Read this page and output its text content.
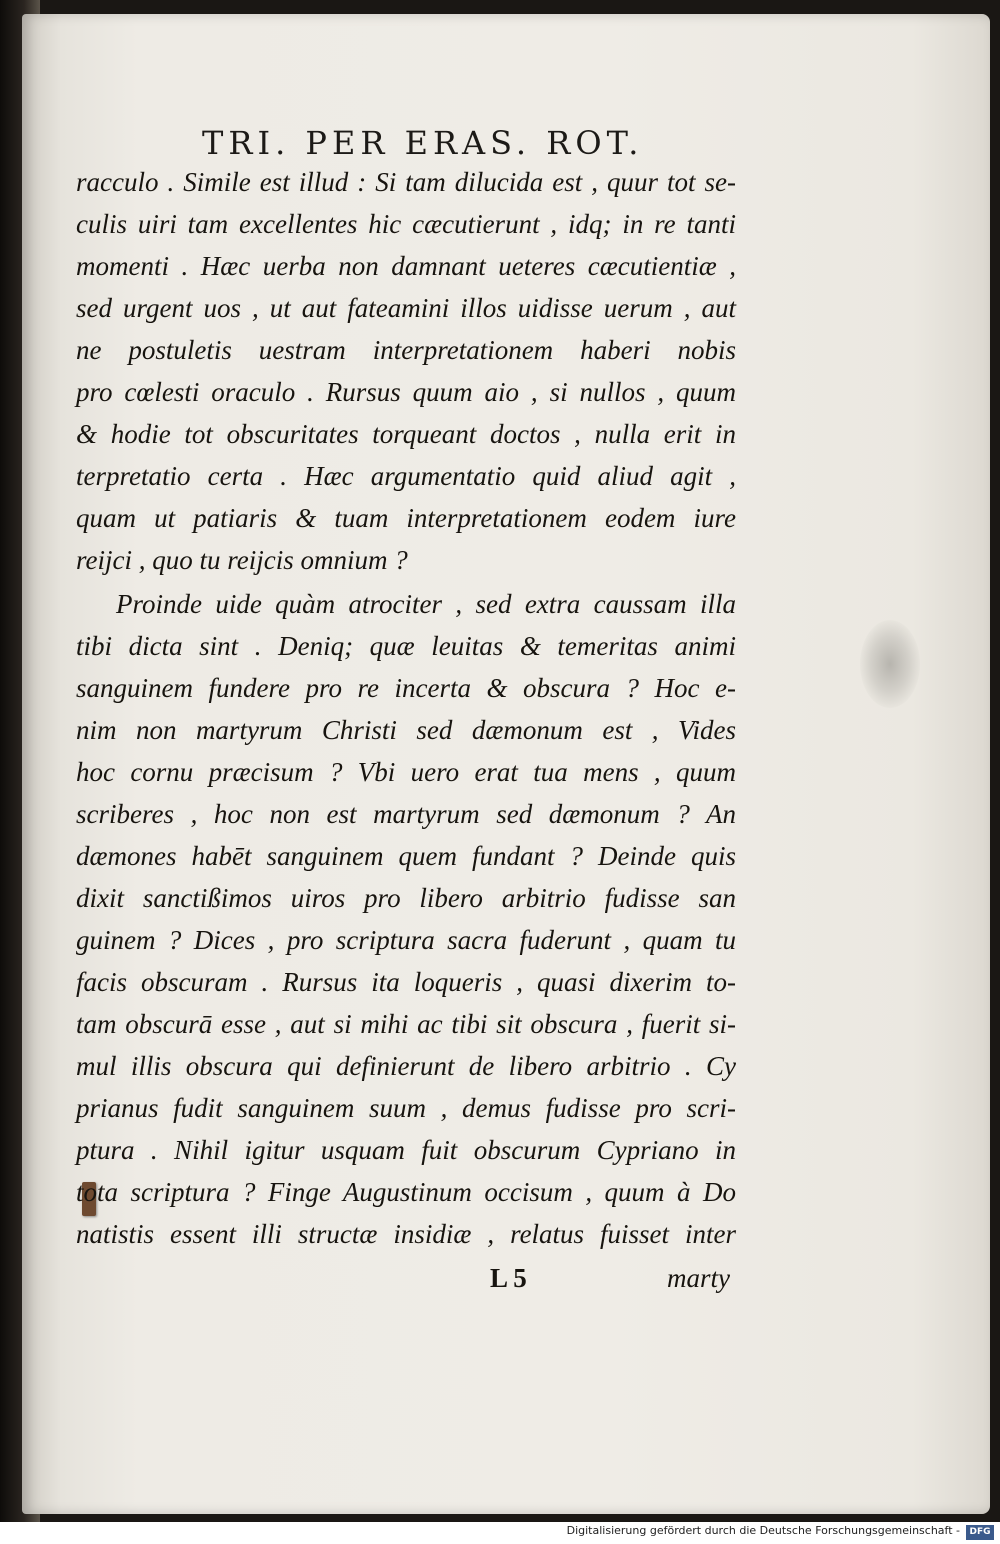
TRI. PER ERAS. ROT.
racculo . Simile est illud : Si tam dilucida est , quur tot se-
culis uiri tam excellentes hic cæcutierunt , idq; in re tanti
momenti . Hæc uerba non damnant ueteres cæcutientiæ ,
sed urgent uos , ut aut fateamini illos uidisse uerum , aut
ne postuletis uestram interpretationem haberi nobis
pro cœlesti oraculo . Rursus quum aio , si nullos , quum
& hodie tot obscuritates torqueant doctos , nulla erit in
terpretatio certa . Hæc argumentatio quid aliud agit ,
quam ut patiaris & tuam interpretationem eodem iure
reijci , quo tu reijcis omnium ?
Proinde uide quàm atrociter , sed extra caussam illa
tibi dicta sint . Deniq; quæ leuitas & temeritas animi
sanguinem fundere pro re incerta & obscura ? Hoc e-
nim non martyrum Christi sed dæmonum est , Vides
hoc cornu præcisum ? Vbi uero erat tua mens , quum
scriberes , hoc non est martyrum sed dæmonum ? An
dæmones habēt sanguinem quem fundant ? Deinde quis
dixit sanctißimos uiros pro libero arbitrio fudisse san
guinem ? Dices , pro scriptura sacra fuderunt , quam tu
facis obscuram . Rursus ita loqueris , quasi dixerim to-
tam obscurā esse , aut si mihi ac tibi sit obscura , fuerit si-
mul illis obscura qui definierunt de libero arbitrio . Cy
prianus fudit sanguinem suum , demus fudisse pro scri-
ptura . Nihil igitur usquam fuit obscurum Cypriano in
tota scriptura ? Finge Augustinum occisum , quum à Do
natistis essent illi structæ insidiæ , relatus fuisset inter
L 5	marty
Digitalisierung gefördert durch die Deutsche Forschungsgemeinschaft -	DFG
